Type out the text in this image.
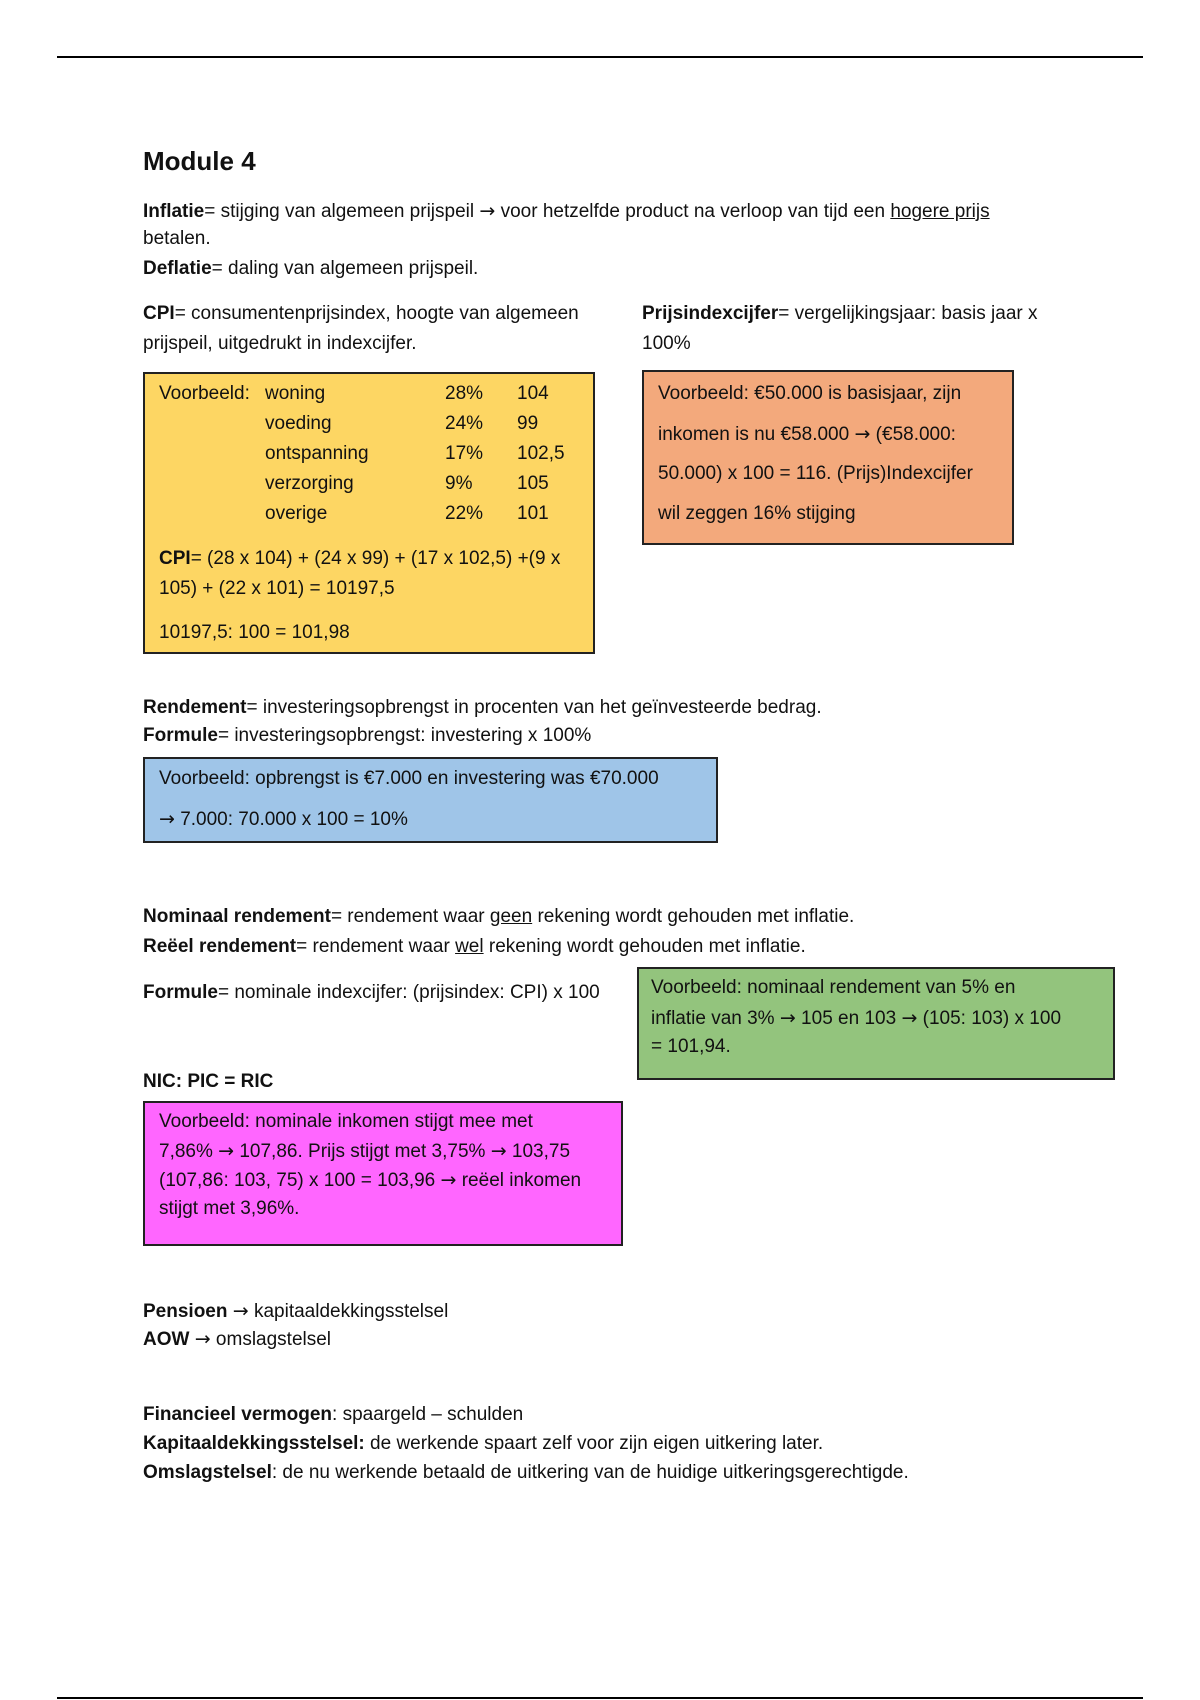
Module 4
Inflatie= stijging van algemeen prijspeil → voor hetzelfde product na verloop van tijd een hogere prijs
betalen.
Deflatie= daling van algemeen prijspeil.
CPI= consumentenprijsindex, hoogte van algemeen
prijspeil, uitgedrukt in indexcijfer.
Prijsindexcijfer= vergelijkingsjaar: basis jaar x
100%
Voorbeeld:	woning	28%	104
	voeding	24%	99
	ontspanning	17%	102,5
	verzorging	9%	105
	overige	22%	101
CPI= (28 x 104) + (24 x 99) + (17 x 102,5) +(9 x
105) + (22 x 101) = 10197,5
10197,5: 100 = 101,98
Voorbeeld: €50.000 is basisjaar, zijn
inkomen is nu €58.000 → (€58.000:
50.000) x 100 = 116. (Prijs)Indexcijfer
wil zeggen 16% stijging
Rendement= investeringsopbrengst in procenten van het geïnvesteerde bedrag.
Formule= investeringsopbrengst: investering x 100%
Voorbeeld: opbrengst is €7.000 en investering was €70.000
→ 7.000: 70.000 x 100 = 10%
Nominaal rendement= rendement waar geen rekening wordt gehouden met inflatie.
Reëel rendement= rendement waar wel rekening wordt gehouden met inflatie.
Formule= nominale indexcijfer: (prijsindex: CPI) x 100	Voorbeeld: nominaal rendement van 5% en
inflatie van 3% → 105 en 103 → (105: 103) x 100
= 101,94.
NIC: PIC = RIC
Voorbeeld: nominale inkomen stijgt mee met
7,86% → 107,86. Prijs stijgt met 3,75% → 103,75
(107,86: 103, 75) x 100 = 103,96 → reëel inkomen
stijgt met 3,96%.
Pensioen → kapitaaldekkingsstelsel
AOW → omslagstelsel
Financieel vermogen: spaargeld – schulden
Kapitaaldekkingsstelsel: de werkende spaart zelf voor zijn eigen uitkering later.
Omslagstelsel: de nu werkende betaald de uitkering van de huidige uitkeringsgerechtigde.
